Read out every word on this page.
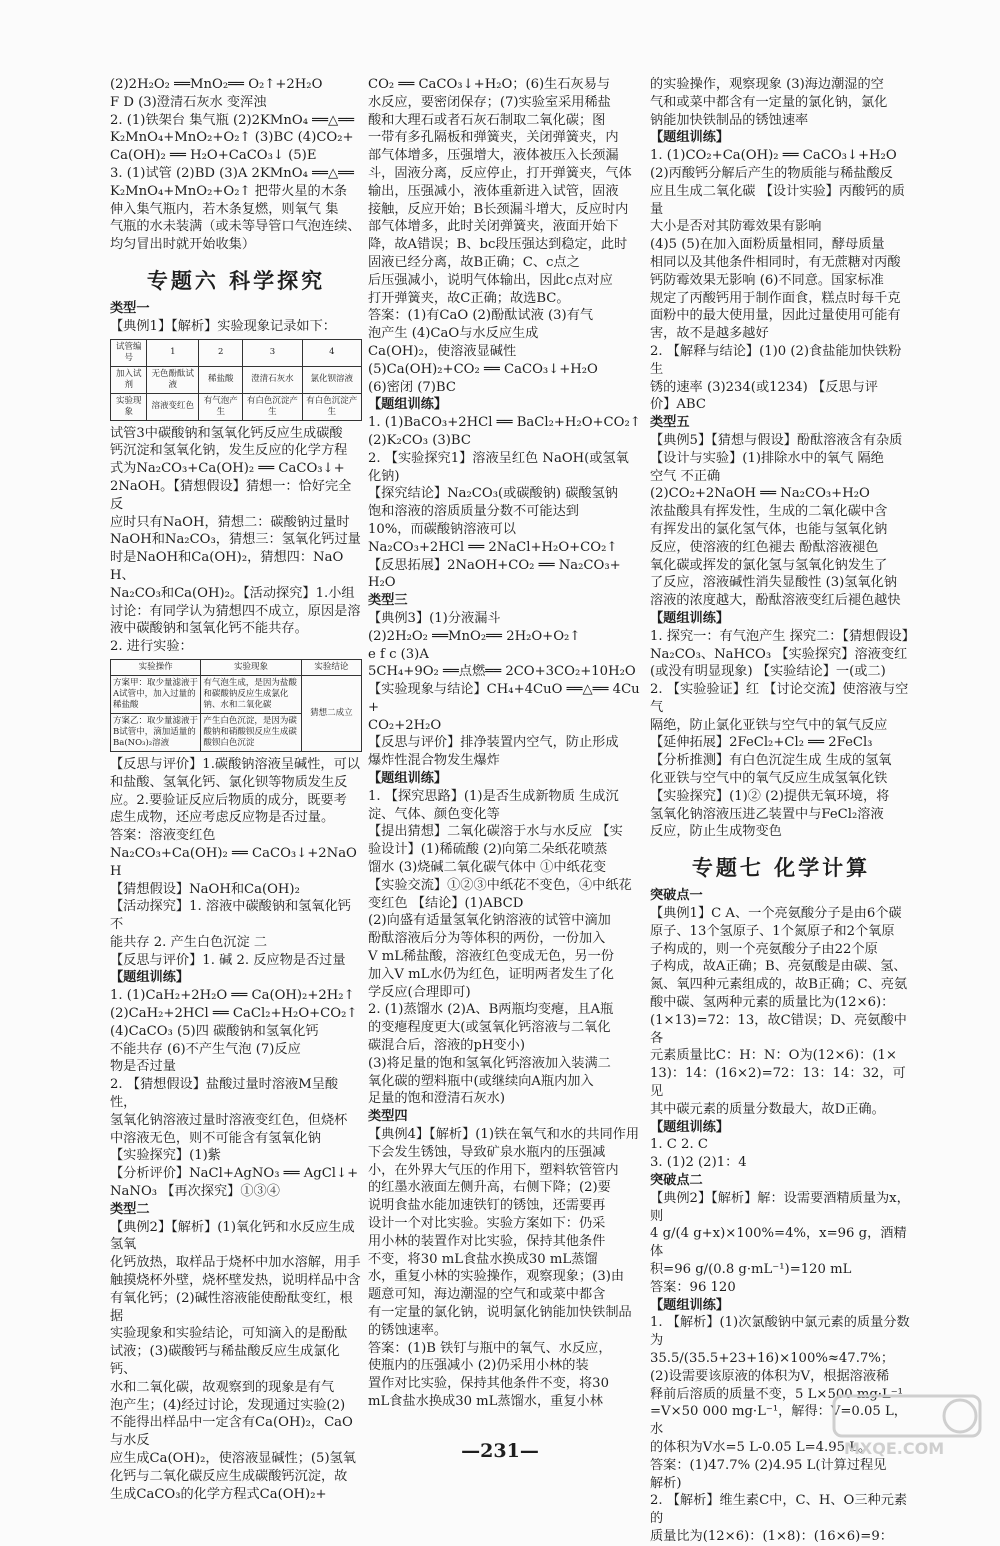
(2)2H₂O₂ ══MnO₂══ O₂↑+2H₂O

F D (3)澄清石灰水 变浑浊

2. (1)铁架台 集气瓶 (2)2KMnO₄ ══△══

K₂MnO₄+MnO₂+O₂↑ (3)BC (4)CO₂+

Ca(OH)₂ ══ H₂O+CaCO₃↓ (5)E

3. (1)试管 (2)BD (3)A 2KMnO₄ ══△══

K₂MnO₄+MnO₂+O₂↑ 把带火星的木条

伸入集气瓶内，若木条复燃，则氧气 集

气瓶的水未装满（或未等导管口气泡连续、

均匀冒出时就开始收集）

专题六 科学探究

类型一

【典例1】【解析】实验现象记录如下：

试管编号	1	2	3	4
加入试剂	无色酚酞试液	稀盐酸	澄清石灰水	氯化钡溶液
实验现象	溶液变红色	有气泡产生	有白色沉淀产生	有白色沉淀产生

试管3中碳酸钠和氢氧化钙反应生成碳酸

钙沉淀和氢氧化钠，发生反应的化学方程

式为Na₂CO₃+Ca(OH)₂ ══ CaCO₃↓+

2NaOH。【猜想假设】猜想一：恰好完全反

应时只有NaOH，猜想二：碳酸钠过量时

NaOH和Na₂CO₃，猜想三：氢氧化钙过量

时是NaOH和Ca(OH)₂，猜想四：NaOH、

Na₂CO₃和Ca(OH)₂。【活动探究】1.小组

讨论：有同学认为猜想四不成立，原因是溶

液中碳酸钠和氢氧化钙不能共存。

2. 进行实验：

实验操作	实验现象	实验结论
方案甲：取少量滤液于A试管中，加入过量的稀盐酸	有气泡生成，是因为盐酸和碳酸钠反应生成氯化钠、水和二氧化碳	猜想二成立
方案乙：取少量滤液于B试管中，滴加适量的Ba(NO₃)₂溶液	产生白色沉淀，是因为碳酸钠和硝酸钡反应生成碳酸钡白色沉淀	

【反思与评价】1.碳酸钠溶液呈碱性，可以

和盐酸、氢氧化钙、氯化钡等物质发生反

应。2.要验证反应后物质的成分，既要考

虑生成物，还应考虑反应物是否过量。

答案：溶液变红色

Na₂CO₃+Ca(OH)₂ ══ CaCO₃↓+2NaOH

【猜想假设】NaOH和Ca(OH)₂

【活动探究】1. 溶液中碳酸钠和氢氧化钙不

能共存 2. 产生白色沉淀 二

【反思与评价】1. 碱 2. 反应物是否过量

【题组训练】

1. (1)CaH₂+2H₂O ══ Ca(OH)₂+2H₂↑

(2)CaH₂+2HCl ══ CaCl₂+H₂O+CO₂↑

(4)CaCO₃ (5)四 碳酸钠和氢氧化钙

不能共存 (6)不产生气泡 (7)反应

物是否过量

2. 【猜想假设】盐酸过量时溶液M呈酸性，

氢氧化钠溶液过量时溶液变红色，但烧杯

中溶液无色，则不可能含有氢氧化钠

【实验探究】(1)紫

【分析评价】NaCl+AgNO₃ ══ AgCl↓+

NaNO₃ 【再次探究】①③④

类型二

【典例2】【解析】(1)氧化钙和水反应生成氢氧

化钙放热，取样品于烧杯中加水溶解，用手

触摸烧杯外壁，烧杯壁发热，说明样品中含

有氧化钙；(2)碱性溶液能使酚酞变红，根据

实验现象和实验结论，可知滴入的是酚酞

试液；(3)碳酸钙与稀盐酸反应生成氯化钙、

水和二氧化碳，故观察到的现象是有气

泡产生；(4)经过讨论，发现通过实验(2)

不能得出样品中一定含有Ca(OH)₂，CaO与水反

应生成Ca(OH)₂，使溶液显碱性；(5)氢氧

化钙与二氧化碳反应生成碳酸钙沉淀，故

生成CaCO₃的化学方程式Ca(OH)₂+

CO₂ ══ CaCO₃↓+H₂O；(6)生石灰易与

水反应，要密闭保存；(7)实验室采用稀盐

酸和大理石或者石灰石制取二氧化碳；图

一带有多孔隔板和弹簧夹，关闭弹簧夹，内

部气体增多，压强增大，液体被压入长颈漏

斗，固液分离，反应停止，打开弹簧夹，气体

输出，压强减小，液体重新进入试管，固液

接触，反应开始；B长颈漏斗增大，反应时内

部气体增多，此时关闭弹簧夹，液面开始下

降，故A错误；B、bc段压强达到稳定，此时

固液已经分离，故B正确；C、c点之

后压强减小，说明气体输出，因此c点对应

打开弹簧夹，故C正确；故选BC。

答案：(1)有CaO (2)酚酞试液 (3)有气

泡产生 (4)CaO与水反应生成

Ca(OH)₂，使溶液显碱性

(5)Ca(OH)₂+CO₂ ══ CaCO₃↓+H₂O

(6)密闭 (7)BC

【题组训练】

1. (1)BaCO₃+2HCl ══ BaCl₂+H₂O+CO₂↑

(2)K₂CO₃ (3)BC

2. 【实验探究1】溶液呈红色 NaOH(或氢氧

化钠)

【探究结论】Na₂CO₃(或碳酸钠) 碳酸氢钠

饱和溶液的溶质质量分数不可能达到

10%，而碳酸钠溶液可以

Na₂CO₃+2HCl ══ 2NaCl+H₂O+CO₂↑

【反思拓展】2NaOH+CO₂ ══ Na₂CO₃+

H₂O

类型三

【典例3】(1)分液漏斗

(2)2H₂O₂ ══MnO₂══ 2H₂O+O₂↑

e f c (3)A

5CH₄+9O₂ ══点燃══ 2CO+3CO₂+10H₂O

【实验现象与结论】CH₄+4CuO ══△══ 4Cu+

CO₂+2H₂O

【反思与评价】排净装置内空气，防止形成

爆炸性混合物发生爆炸

【题组训练】

1. 【探究思路】(1)是否生成新物质 生成沉

淀、气体、颜色变化等

【提出猜想】二氧化碳溶于水与水反应 【实

验设计】(1)稀硫酸 (2)向第二朵纸花喷蒸

馏水 (3)烧碱二氧化碳气体中 ①中纸花变

【实验交流】①②③中纸花不变色，④中纸花

变红色 【结论】(1)ABCD

(2)向盛有适量氢氧化钠溶液的试管中滴加

酚酞溶液后分为等体积的两份，一份加入

V mL稀盐酸，溶液红色变成无色，另一份

加入V mL水仍为红色，证明两者发生了化

学反应(合理即可)

2. (1)蒸馏水 (2)A、B两瓶均变瘪，且A瓶

的变瘪程度更大(或氢氧化钙溶液与二氧化

碳混合后，溶液的pH变小)

(3)将足量的饱和氢氧化钙溶液加入装满二

氧化碳的塑料瓶中(或继续向A瓶内加入

足量的饱和澄清石灰水)

类型四

【典例4】【解析】(1)铁在氧气和水的共同作用

下会发生锈蚀，导致矿泉水瓶内的压强减

小，在外界大气压的作用下，塑料软管管内

的红墨水液面左侧升高，右侧下降；(2)要

说明食盐水能加速铁钉的锈蚀，还需要再

设计一个对比实验。实验方案如下：仍采

用小林的装置作对比实验，保持其他条件

不变，将30 mL食盐水换成30 mL蒸馏

水，重复小林的实验操作，观察现象；(3)由

题意可知，海边潮湿的空气和或菜中都含

有一定量的氯化钠，说明氯化钠能加快铁制品

的锈蚀速率。

答案：(1)B 铁钉与瓶中的氧气、水反应，

使瓶内的压强减小 (2)仍采用小林的装

置作对比实验，保持其他条件不变，将30

mL食盐水换成30 mL蒸馏水，重复小林

的实验操作，观察现象 (3)海边潮湿的空

气和或菜中都含有一定量的氯化钠，氯化

钠能加快铁制品的锈蚀速率

【题组训练】

1. (1)CO₂+Ca(OH)₂ ══ CaCO₃↓+H₂O

(2)丙酸钙分解后产生的物质能与稀盐酸反

应且生成二氧化碳 【设计实验】丙酸钙的质量

大小是否对其防霉效果有影响

(4)5 (5)在加入面粉质量相同，酵母质量

相同以及其他条件相同时，有无蔗糖对丙酸

钙防霉效果无影响 (6)不同意。国家标准

规定了丙酸钙用于制作面食，糕点时每千克

面粉中的最大使用量，因此过量使用可能有

害，故不是越多越好

2. 【解释与结论】(1)0 (2)食盐能加快铁粉生

锈的速率 (3)234(或1234) 【反思与评

价】ABC

类型五

【典例5】【猜想与假设】酚酞溶液含有杂质

【设计与实验】(1)排除水中的氧气 隔绝

空气 不正确

(2)CO₂+2NaOH ══ Na₂CO₃+H₂O

浓盐酸具有挥发性，生成的二氧化碳中含

有挥发出的氯化氢气体，也能与氢氧化钠

反应，使溶液的红色褪去 酚酞溶液褪色

氧化碳或挥发的氯化氢与氢氧化钠发生了

了反应，溶液碱性消失显酸性 (3)氢氧化钠

溶液的浓度越大，酚酞溶液变红后褪色越快

【题组训练】

1. 探究一：有气泡产生 探究二：【猜想假设】

Na₂CO₃、NaHCO₃ 【实验探究】溶液变红

(或没有明显现象) 【实验结论】一(或二)

2. 【实验验证】红 【讨论交流】使溶液与空气

隔绝，防止氯化亚铁与空气中的氧气反应

【延伸拓展】2FeCl₂+Cl₂ ══ 2FeCl₃

【分析推测】有白色沉淀生成 生成的氢氧

化亚铁与空气中的氧气反应生成氢氧化铁

【实验探究】(1)② (2)提供无氧环境，将

氢氧化钠溶液压进乙装置中与FeCl₂溶液

反应，防止生成物变色

专题七 化学计算

突破点一

【典例1】C A、一个亮氨酸分子是由6个碳

原子、13个氢原子、1个氮原子和2个氧原

子构成的，则一个亮氨酸分子由22个原

子构成，故A正确；B、亮氨酸是由碳、氢、

氮、氧四种元素组成的，故B正确；C、亮氨

酸中碳、氢两种元素的质量比为(12×6)：

(1×13)=72：13，故C错误；D、亮氨酸中各

元素质量比C：H：N：O为(12×6)：(1×

13)：14：(16×2)=72：13：14：32，可见

其中碳元素的质量分数最大，故D正确。

【题组训练】

1. C 2. C

3. (1)2 (2)1：4

突破点二

【典例2】【解析】解：设需要酒精质量为x，则

4 g/(4 g+x)×100%=4%，x=96 g，酒精体

积=96 g/(0.8 g·mL⁻¹)=120 mL

答案：96 120

【题组训练】

1. 【解析】(1)次氯酸钠中氯元素的质量分数为

35.5/(35.5+23+16)×100%≈47.7%；

(2)设需要该原液的体积为V，根据溶液稀

释前后溶质的质量不变，5 L×500 mg·L⁻¹

=V×50 000 mg·L⁻¹，解得：V=0.05 L，水

的体积为V水=5 L-0.05 L=4.95 L。

答案：(1)47.7% (2)4.95 L(计算过程见

解析)

2. 【解析】维生素C中，C、H、O三种元素的

质量比为(12×6)：(1×8)：(16×6)=9：

—231—	MXQE.COM
